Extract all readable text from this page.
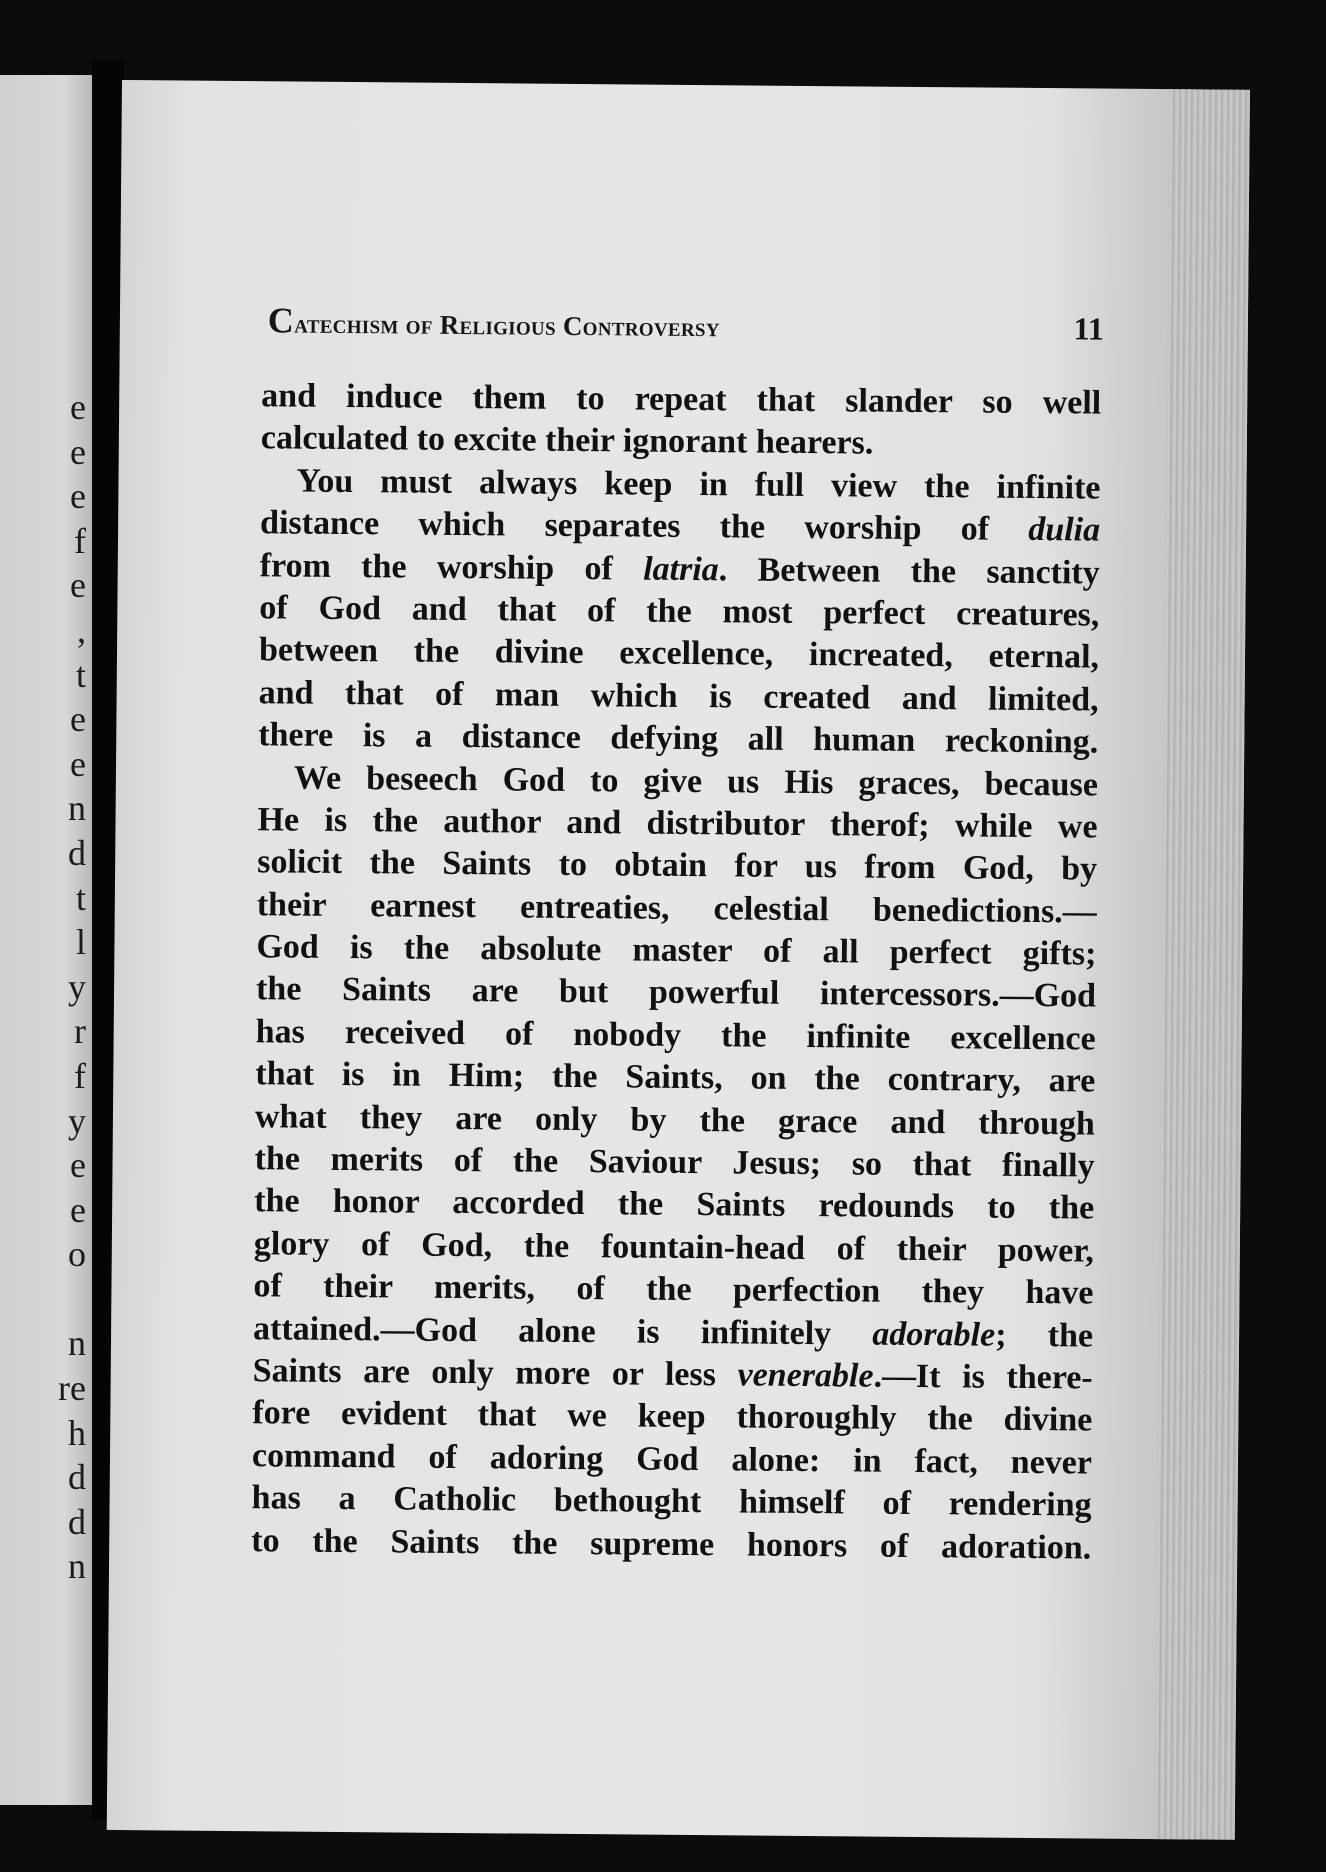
e
e
e
f
e
,
t
e
e
n
d
t
l
y
r
f
y
e
e
o

n
re
h
d
d
n
Catechism of Religious Controversy	11
and induce them to repeat that slander so well
calculated to excite their ignorant hearers.
You must always keep in full view the infinite
distance which separates the worship of dulia
from the worship of latria. Between the sanctity
of God and that of the most perfect creatures,
between the divine excellence, increated, eternal,
and that of man which is created and limited,
there is a distance defying all human reckoning.
We beseech God to give us His graces, because
He is the author and distributor therof; while we
solicit the Saints to obtain for us from God, by
their earnest entreaties, celestial benedictions.—
God is the absolute master of all perfect gifts;
the Saints are but powerful intercessors.—God
has received of nobody the infinite excellence
that is in Him; the Saints, on the contrary, are
what they are only by the grace and through
the merits of the Saviour Jesus; so that finally
the honor accorded the Saints redounds to the
glory of God, the fountain-head of their power,
of their merits, of the perfection they have
attained.—God alone is infinitely adorable; the
Saints are only more or less venerable.—It is there-
fore evident that we keep thoroughly the divine
command of adoring God alone: in fact, never
has a Catholic bethought himself of rendering
to the Saints the supreme honors of adoration.
